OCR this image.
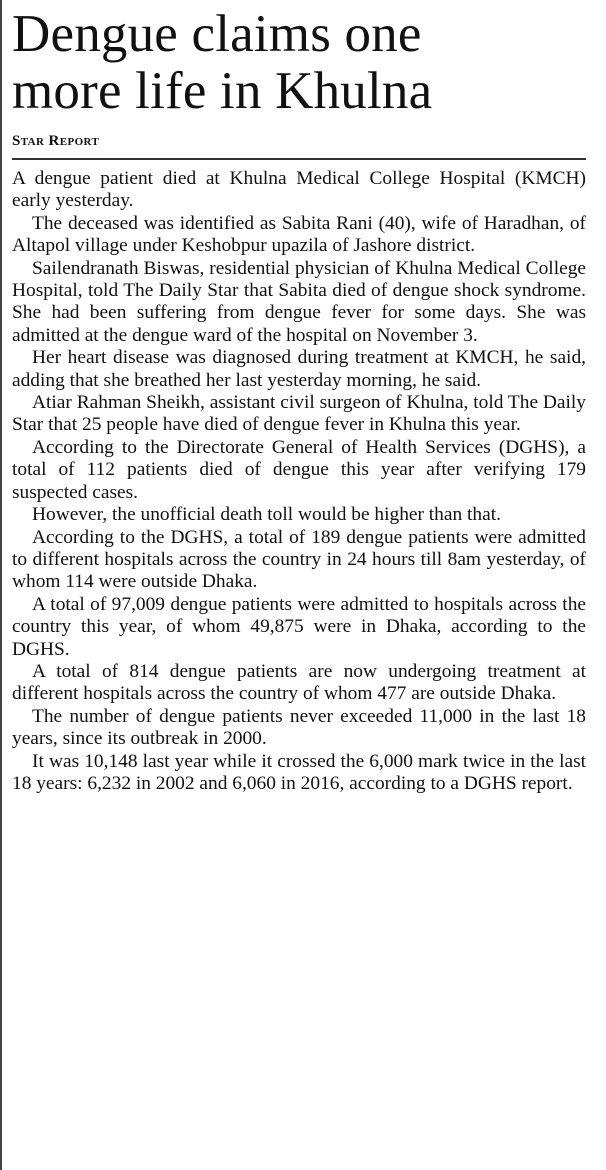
Dengue claims one
more life in Khulna
Star Report

A dengue patient died at Khulna Medical College Hospital (KMCH) early yesterday.

The deceased was identified as Sabita Rani (40), wife of Haradhan, of Altapol village under Keshobpur upazila of Jashore district.

Sailendranath Biswas, residential physician of Khulna Medical College Hospital, told The Daily Star that Sabita died of dengue shock syndrome. She had been suffering from dengue fever for some days. She was admitted at the dengue ward of the hospital on November 3.

Her heart disease was diagnosed during treatment at KMCH, he said, adding that she breathed her last yesterday morning, he said.

Atiar Rahman Sheikh, assistant civil surgeon of Khulna, told The Daily Star that 25 people have died of dengue fever in Khulna this year.

According to the Directorate General of Health Services (DGHS), a total of 112 patients died of dengue this year after verifying 179 suspected cases.

However, the unofficial death toll would be higher than that.

According to the DGHS, a total of 189 dengue patients were admitted to different hospitals across the country in 24 hours till 8am yesterday, of whom 114 were outside Dhaka.

A total of 97,009 dengue patients were admitted to hospitals across the country this year, of whom 49,875 were in Dhaka, according to the DGHS.

A total of 814 dengue patients are now undergoing treatment at different hospitals across the country of whom 477 are outside Dhaka.

The number of dengue patients never exceeded 11,000 in the last 18 years, since its outbreak in 2000.

It was 10,148 last year while it crossed the 6,000 mark twice in the last 18 years: 6,232 in 2002 and 6,060 in 2016, according to a DGHS report.
